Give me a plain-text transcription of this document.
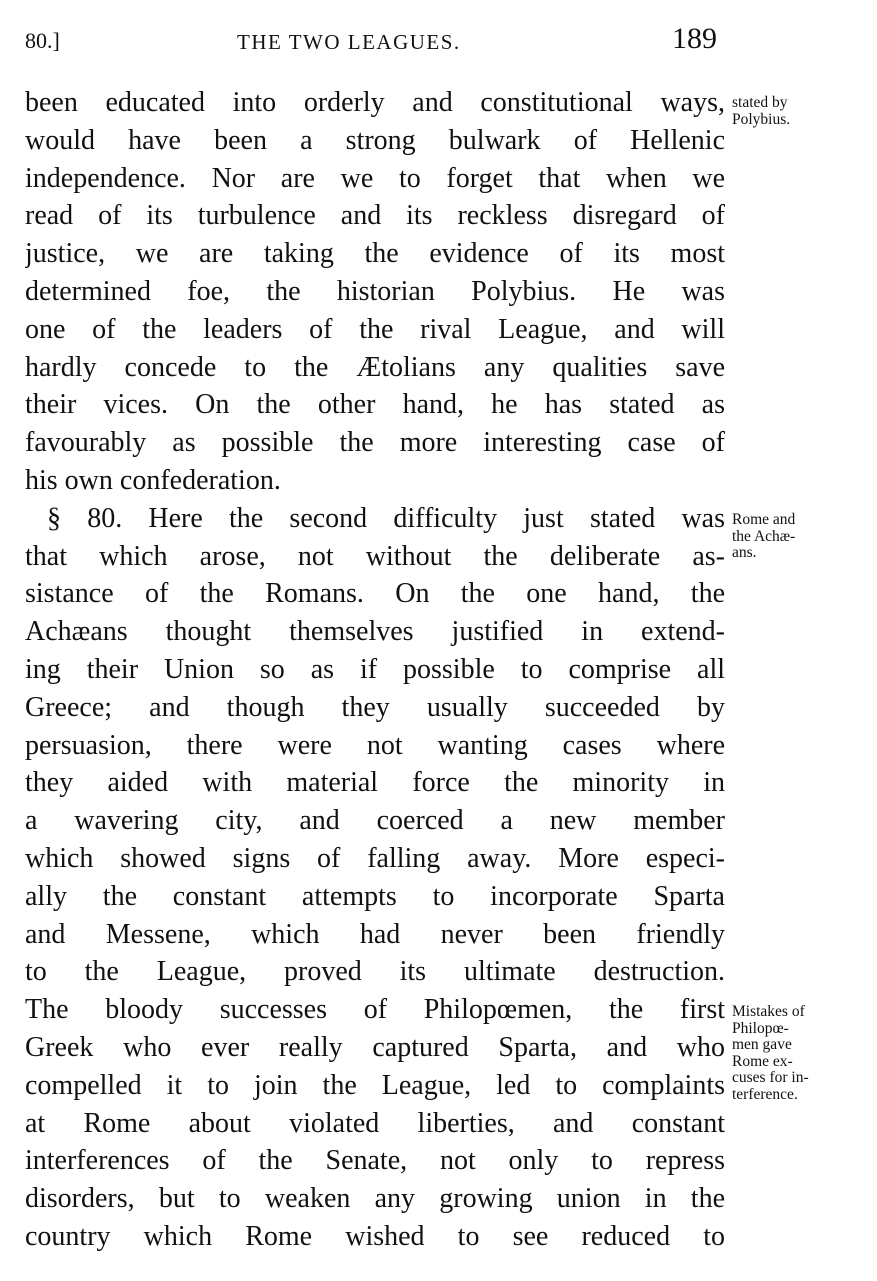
80.]	THE TWO LEAGUES.	189
been educated into orderly and constitutional ways,
would have been a strong bulwark of Hellenic
independence. Nor are we to forget that when we
read of its turbulence and its reckless disregard of
justice, we are taking the evidence of its most
determined foe, the historian Polybius. He was
one of the leaders of the rival League, and will
hardly concede to the Ætolians any qualities save
their vices. On the other hand, he has stated as
favourably as possible the more interesting case of
his own confederation.
§ 80. Here the second difficulty just stated was
that which arose, not without the deliberate as-
sistance of the Romans. On the one hand, the
Achæans thought themselves justified in extend-
ing their Union so as if possible to comprise all
Greece; and though they usually succeeded by
persuasion, there were not wanting cases where
they aided with material force the minority in
a wavering city, and coerced a new member
which showed signs of falling away. More especi-
ally the constant attempts to incorporate Sparta
and Messene, which had never been friendly
to the League, proved its ultimate destruction.
The bloody successes of Philopœmen, the first
Greek who ever really captured Sparta, and who
compelled it to join the League, led to complaints
at Rome about violated liberties, and constant
interferences of the Senate, not only to repress
disorders, but to weaken any growing union in the
country which Rome wished to see reduced to
stated by
Polybius.
Rome and
the Achæ-
ans.
Mistakes of
Philopœ-
men gave
Rome ex-
cuses for in-
terference.
